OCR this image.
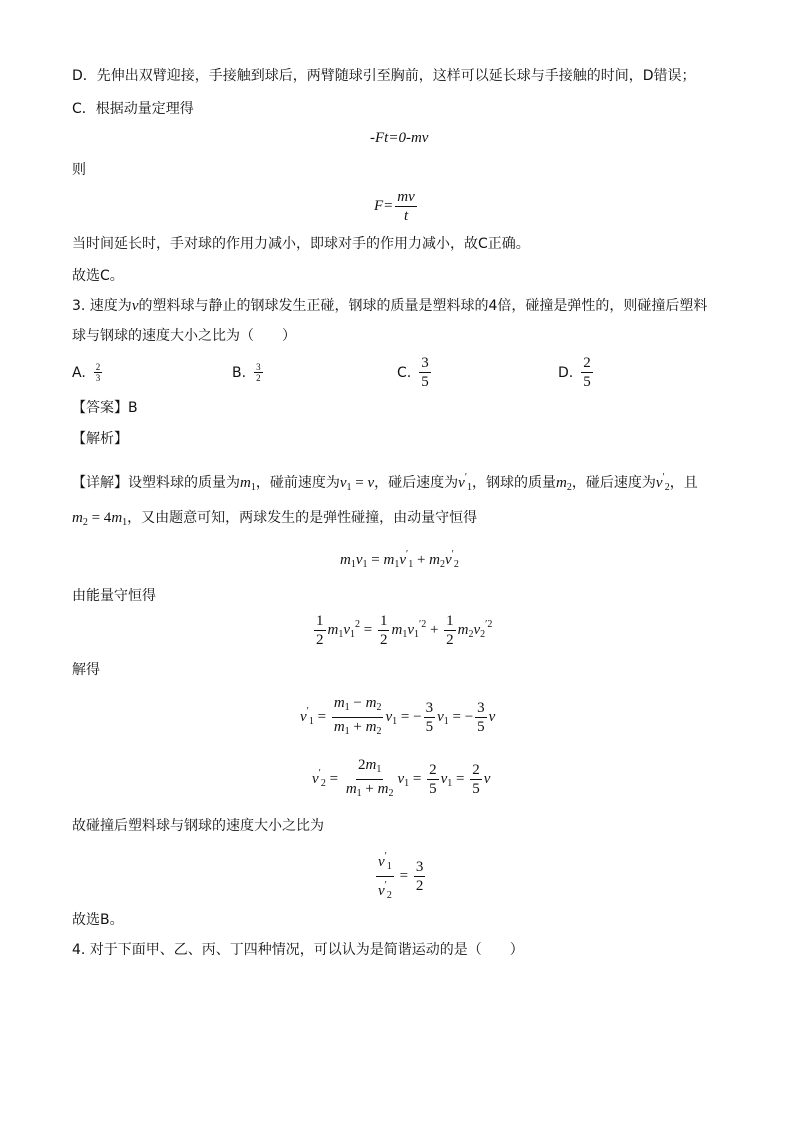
D．先伸出双臂迎接，手接触到球后，两臂随球引至胸前，这样可以延长球与手接触的时间，D错误；
C．根据动量定理得
-Ft=0-mv
则
$F= \frac{mv}{t}$
当时间延长时，手对球的作用力减小，即球对手的作用力减小，故C正确。
故选C。
3. 速度为v的塑料球与静止的钢球发生正碰，钢球的质量是塑料球的4倍，碰撞是弹性的，则碰撞后塑料
球与钢球的速度大小之比为（　　）
A. $\frac{2}{3}$	B. $\frac{3}{2}$	C. $\frac{3}{5}$	D. $\frac{2}{5}$
【答案】B
【解析】
【详解】设塑料球的质量为$m_1$，碰前速度为$v_1 = v$，碰后速度为$v'_1$，钢球的质量$m_2$，碰后速度为$v'_2$，且
$m_2 = 4m_1$，又由题意可知，两球发生的是弹性碰撞，由动量守恒得
$m_1v_1 = m_1v'_1 + m_2v'_2$
由能量守恒得
$\frac{1}{2} m_1v_1^2 = \frac{1}{2} m_1v_1^{'2} + \frac{1}{2} m_2v_2^{'2}$
解得
$v'_1 = \frac{m_1 - m_2}{m_1 + m_2} v_1$ = − $\frac{3}{5} v_1$ = − $\frac{3}{5}$ v
$v'_2 = \frac{2m_1}{m_1 + m_2} v_1 = \frac{2}{5} v_1 = \frac{2}{5}$ v
故碰撞后塑料球与钢球的速度大小之比为
$\frac{v'_1}{v'_2} = \frac{3}{2}$
故选B。
4. 对于下面甲、乙、丙、丁四种情况，可以认为是简谐运动的是（　　）
